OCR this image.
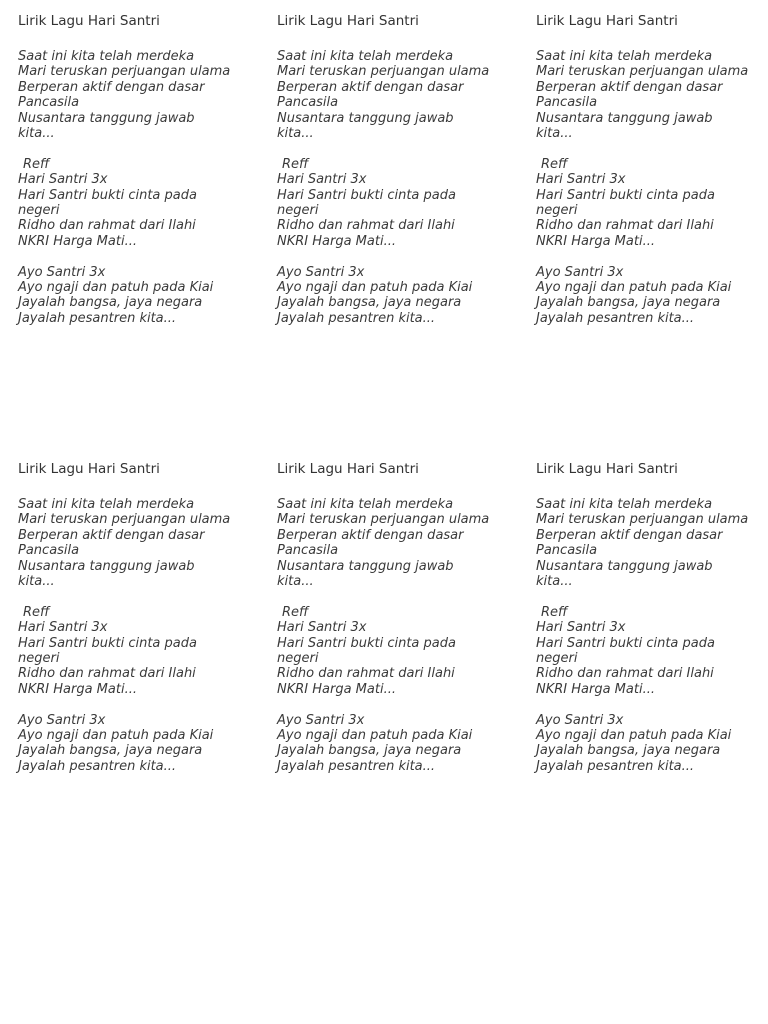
Lirik Lagu Hari Santri
Saat ini kita telah merdeka
Mari teruskan perjuangan ulama
Berperan aktif dengan dasar Pancasila
Nusantara tanggung jawab kita...
Reff
Hari Santri 3x
Hari Santri bukti cinta pada negeri
Ridho dan rahmat dari Ilahi
NKRI Harga Mati...
Ayo Santri 3x
Ayo ngaji dan patuh pada Kiai
Jayalah bangsa, jaya negara
Jayalah pesantren kita...
Lirik Lagu Hari Santri
Saat ini kita telah merdeka
Mari teruskan perjuangan ulama
Berperan aktif dengan dasar Pancasila
Nusantara tanggung jawab kita...
Reff
Hari Santri 3x
Hari Santri bukti cinta pada negeri
Ridho dan rahmat dari Ilahi
NKRI Harga Mati...
Ayo Santri 3x
Ayo ngaji dan patuh pada Kiai
Jayalah bangsa, jaya negara
Jayalah pesantren kita...
Lirik Lagu Hari Santri
Saat ini kita telah merdeka
Mari teruskan perjuangan ulama
Berperan aktif dengan dasar Pancasila
Nusantara tanggung jawab kita...
Reff
Hari Santri 3x
Hari Santri bukti cinta pada negeri
Ridho dan rahmat dari Ilahi
NKRI Harga Mati...
Ayo Santri 3x
Ayo ngaji dan patuh pada Kiai
Jayalah bangsa, jaya negara
Jayalah pesantren kita...
Lirik Lagu Hari Santri
Saat ini kita telah merdeka
Mari teruskan perjuangan ulama
Berperan aktif dengan dasar Pancasila
Nusantara tanggung jawab kita...
Reff
Hari Santri 3x
Hari Santri bukti cinta pada negeri
Ridho dan rahmat dari Ilahi
NKRI Harga Mati...
Ayo Santri 3x
Ayo ngaji dan patuh pada Kiai
Jayalah bangsa, jaya negara
Jayalah pesantren kita...
Lirik Lagu Hari Santri
Saat ini kita telah merdeka
Mari teruskan perjuangan ulama
Berperan aktif dengan dasar Pancasila
Nusantara tanggung jawab kita...
Reff
Hari Santri 3x
Hari Santri bukti cinta pada negeri
Ridho dan rahmat dari Ilahi
NKRI Harga Mati...
Ayo Santri 3x
Ayo ngaji dan patuh pada Kiai
Jayalah bangsa, jaya negara
Jayalah pesantren kita...
Lirik Lagu Hari Santri
Saat ini kita telah merdeka
Mari teruskan perjuangan ulama
Berperan aktif dengan dasar Pancasila
Nusantara tanggung jawab kita...
Reff
Hari Santri 3x
Hari Santri bukti cinta pada negeri
Ridho dan rahmat dari Ilahi
NKRI Harga Mati...
Ayo Santri 3x
Ayo ngaji dan patuh pada Kiai
Jayalah bangsa, jaya negara
Jayalah pesantren kita...
